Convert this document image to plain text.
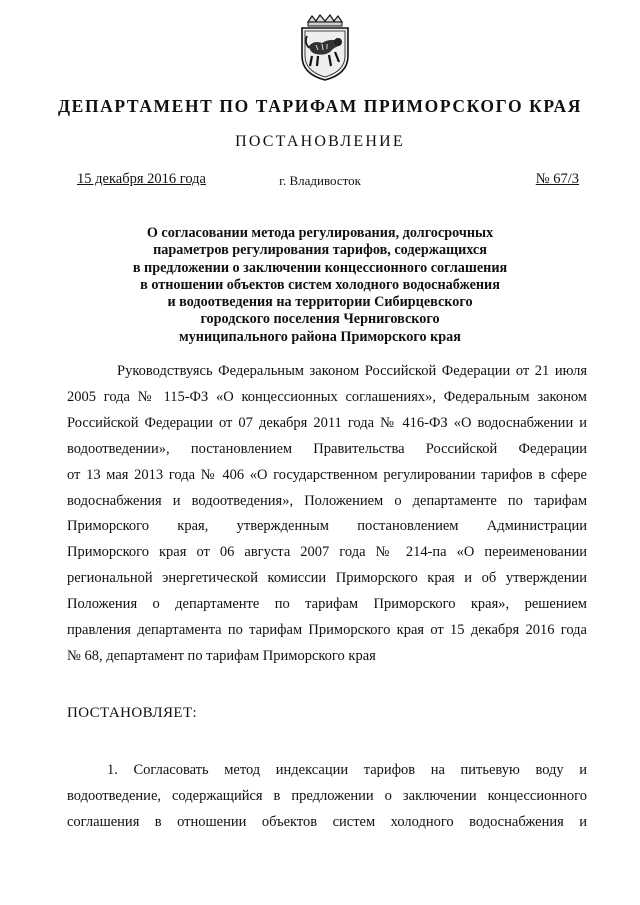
ДЕПАРТАМЕНТ ПО ТАРИФАМ ПРИМОРСКОГО КРАЯ
ПОСТАНОВЛЕНИЕ
г. Владивосток
15 декабря 2016 года	№ 67/3
О согласовании метода регулирования, долгосрочных
параметров регулирования тарифов, содержащихся
в предложении о заключении концессионного соглашения
в отношении объектов систем холодного водоснабжения
и водоотведения на территории Сибирцевского
городского поселения Черниговского
муниципального района Приморского края
Руководствуясь Федеральным законом Российской Федерации от 21 июля
2005 года № 115-ФЗ «О концессионных соглашениях», Федеральным законом
Российской Федерации от 07 декабря 2011 года № 416-ФЗ «О водоснабжении и
водоотведении», постановлением Правительства Российской Федерации
от 13 мая 2013 года № 406 «О государственном регулировании тарифов в сфере
водоснабжения и водоотведения», Положением о департаменте по тарифам
Приморского края, утвержденным постановлением Администрации
Приморского края от 06 августа 2007 года № 214-па «О переименовании
региональной энергетической комиссии Приморского края и об утверждении
Положения о департаменте по тарифам Приморского края», решением
правления департамента по тарифам Приморского края от 15 декабря 2016 года
№ 68, департамент по тарифам Приморского края
ПОСТАНОВЛЯЕТ:
1. Согласовать метод индексации тарифов на питьевую воду и
водоотведение, содержащийся в предложении о заключении концессионного
соглашения в отношении объектов систем холодного водоснабжения и
